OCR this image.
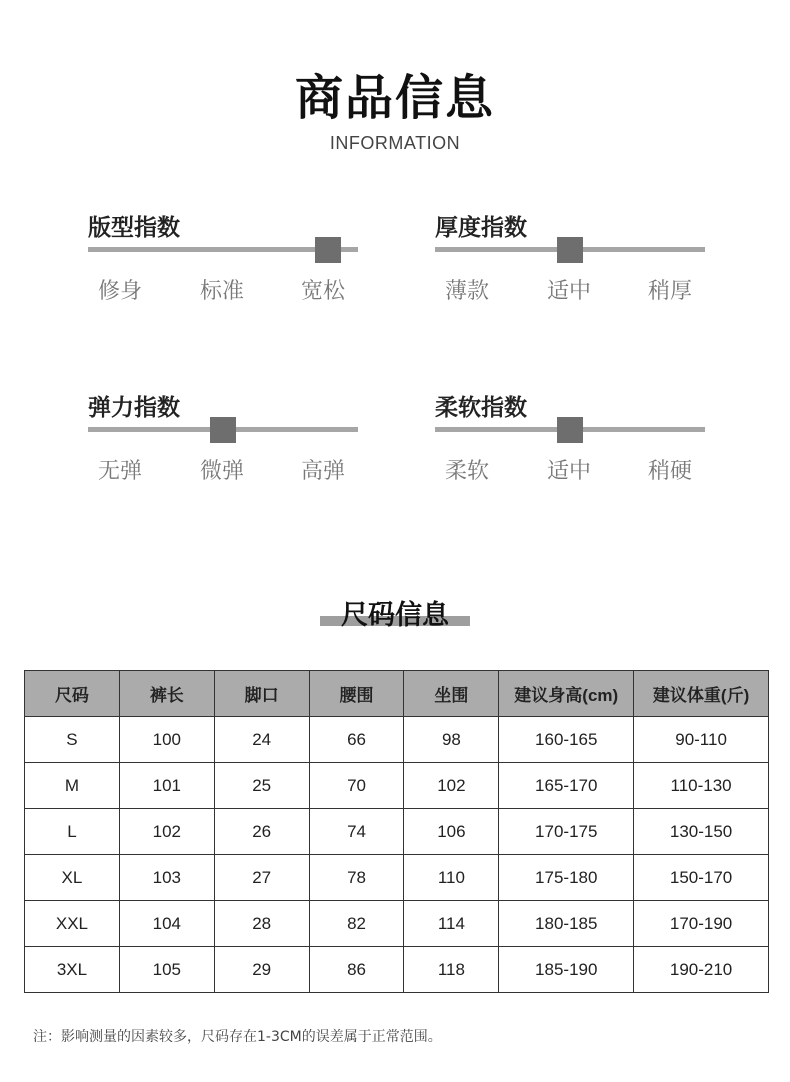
商品信息
INFORMATION
版型指数
修身	标准	宽松
厚度指数
薄款	适中	稍厚
弹力指数
无弹	微弹	高弹
柔软指数
柔软	适中	稍硬
尺码信息
尺码	裤长	脚口	腰围	坐围	建议身高(cm)	建议体重(斤)
S	100	24	66	98	160-165	90-110
M	101	25	70	102	165-170	110-130
L	102	26	74	106	170-175	130-150
XL	103	27	78	110	175-180	150-170
XXL	104	28	82	114	180-185	170-190
3XL	105	29	86	118	185-190	190-210
注：影响测量的因素较多，尺码存在1-3CM的误差属于正常范围。
